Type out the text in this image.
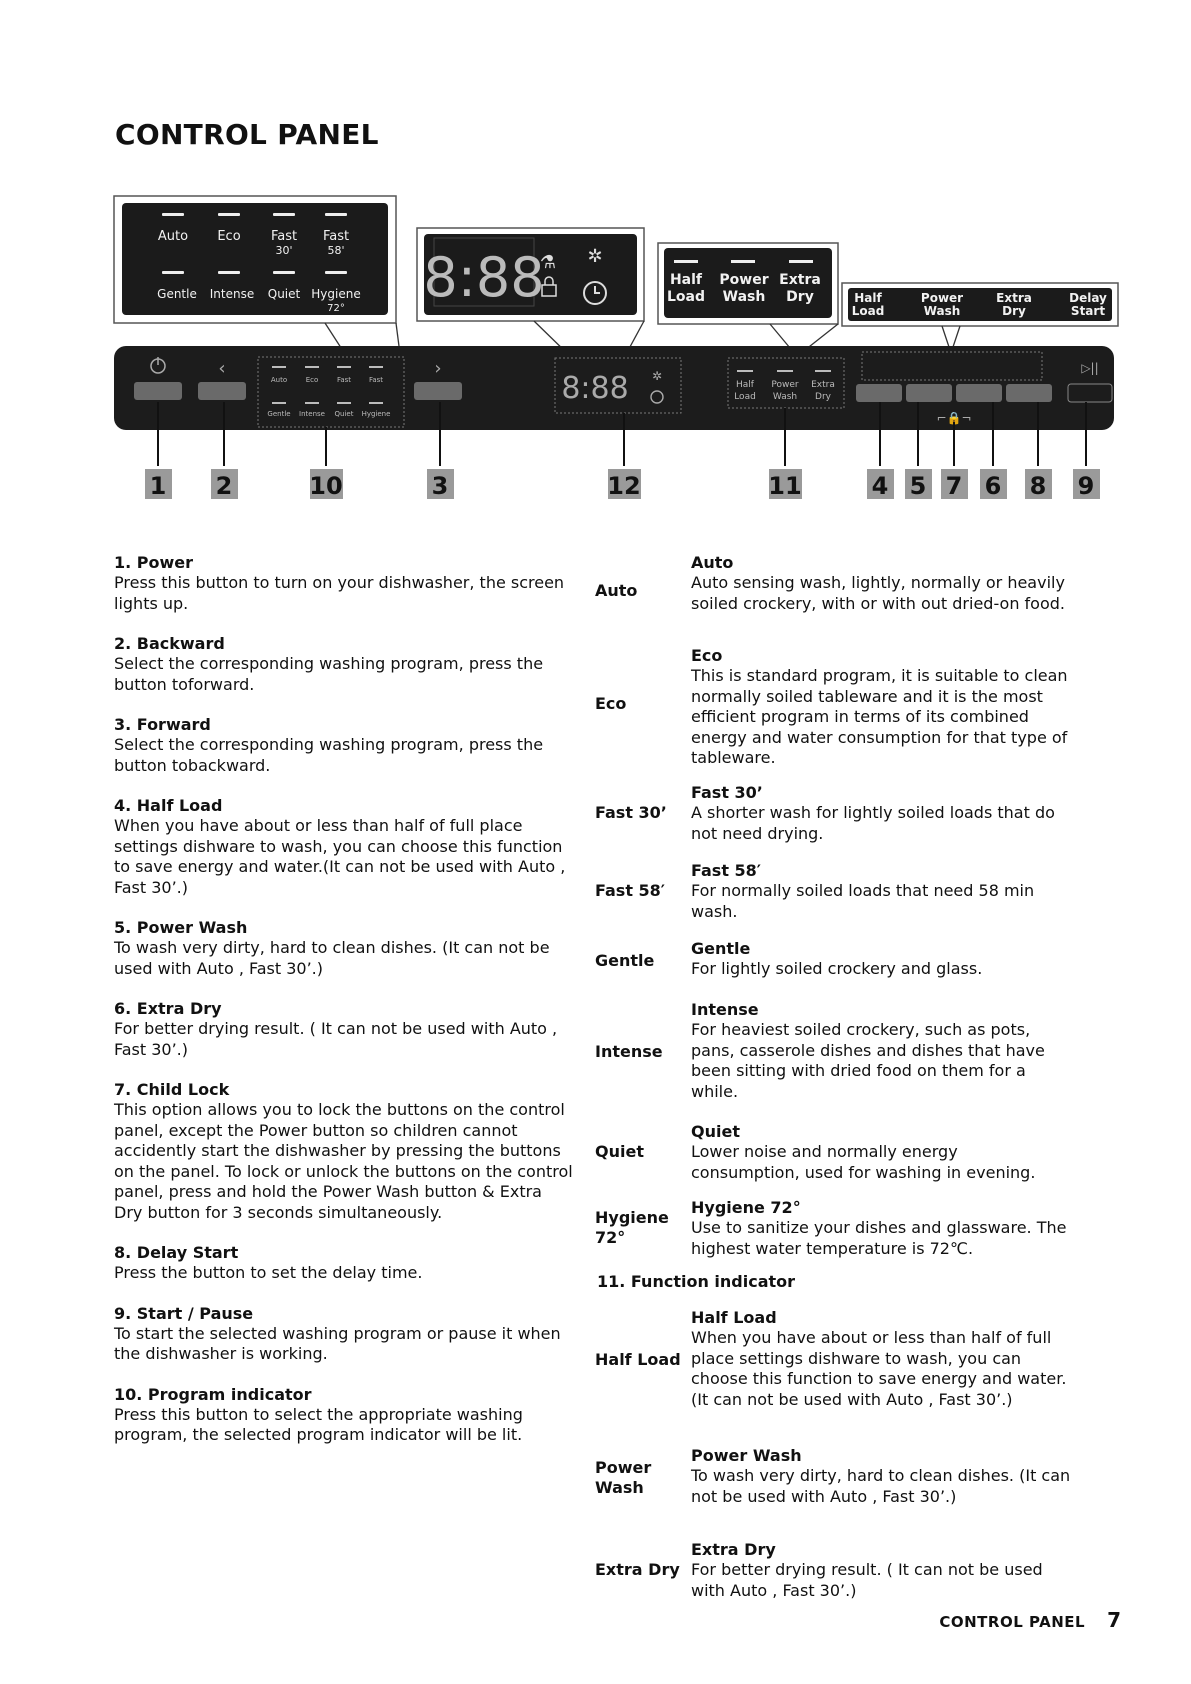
CONTROL PANEL
Auto Eco Fast Fast
30'	58'
Gentle Intense Quiet Hygiene
72° 8:88
⚗ ✲
Half
Load
Power
Wash
Extra
Dry	Half
Load
Power
Wash
Extra
Dry
Delay
Start
‹
Auto	Eco	Fast	Fast
Gentle Intense Quiet Hygiene
›
8:88 ✲
Half
Load
Power
Wash
Extra
Dry
⌐🔒¬
▷||
1 2	10	3	12	11	4 5 7 6 8 9
1. Power
Press this button to turn on your dishwasher, the screen lights up.
2. Backward
Select the corresponding washing program, press the button toforward.
3. Forward
Select the corresponding washing program, press the button tobackward.
4. Half Load
When you have about or less than half of full place settings dishware to wash, you can choose this function to save energy and water.(It can not be used with Auto , Fast 30’.)
5. Power Wash
To wash very dirty, hard to clean dishes. (It can not be used with Auto , Fast 30’.)
6. Extra Dry
For better drying result. ( It can not be used with Auto , Fast 30’.)
7. Child Lock
This option allows you to lock the buttons on the control panel, except the Power button so children cannot accidently start the dishwasher by pressing the buttons on the panel. To lock or unlock the buttons on the control panel, press and hold the Power Wash button & Extra Dry button for 3 seconds simultaneously.
8. Delay Start
Press the button to set the delay time.
9. Start / Pause
To start the selected washing program or pause it when the dishwasher is working.
10. Program indicator
Press this button to select the appropriate washing program, the selected program indicator will be lit.
Auto
Auto
Auto sensing wash, lightly, normally or heavily soiled crockery, with or with out dried-on food.
Eco
Eco
This is standard program, it is suitable to clean normally soiled tableware and it is the most efficient program in terms of its combined energy and water consumption for that type of tableware.
Fast 30’
Fast 30’
A shorter wash for lightly soiled loads that do not need drying.
Fast 58′
Fast 58′
For normally soiled loads that need 58 min wash.
Gentle
Gentle
For lightly soiled crockery and glass.
Intense
Intense
For heaviest soiled crockery, such as pots, pans, casserole dishes and dishes that have been sitting with dried food on them for a while.
Quiet
Quiet
Lower noise and normally energy consumption, used for washing in evening.
Hygiene 72°
Hygiene 72°
Use to sanitize your dishes and glassware. The highest water temperature is 72℃.
11. Function indicator
Half Load
Half Load
When you have about or less than half of full place settings dishware to wash, you can choose this function to save energy and water.(It can not be used with Auto , Fast 30’.)
Power Wash
Power Wash
To wash very dirty, hard to clean dishes. (It can not be used with Auto , Fast 30’.)
Extra Dry
Extra Dry
For better drying result. ( It can not be used with Auto , Fast 30’.)
CONTROL PANEL 7
